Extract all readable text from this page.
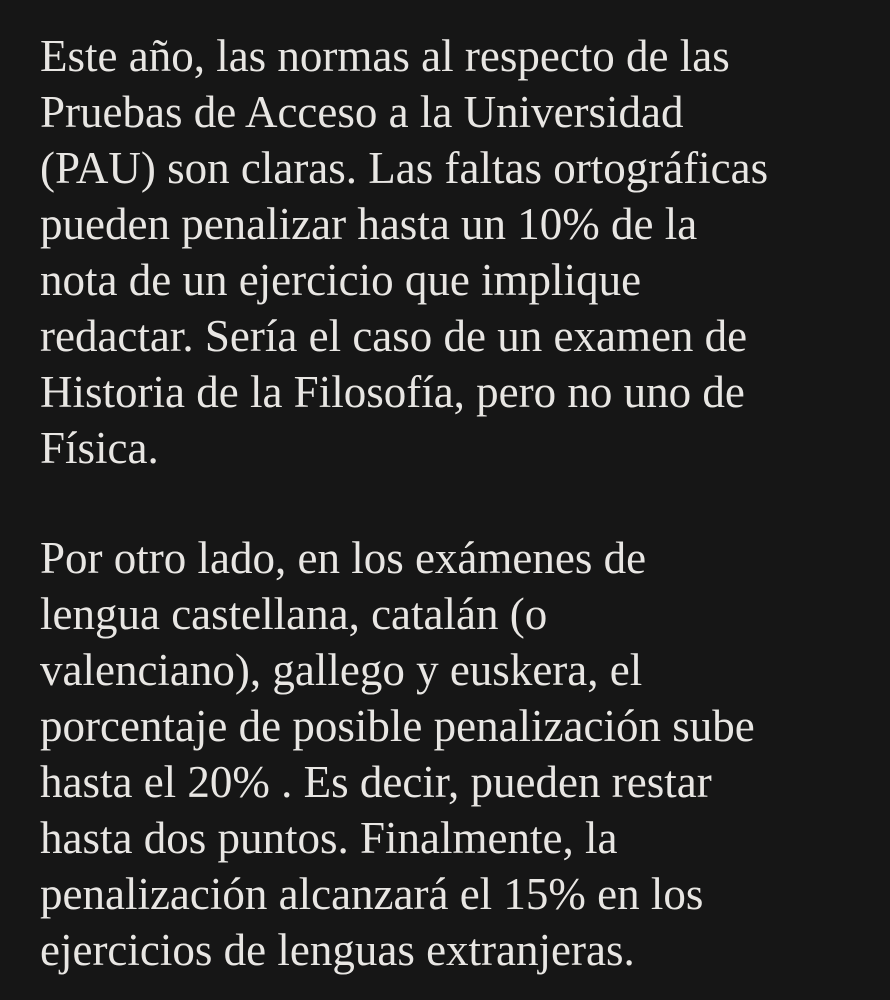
Este año, las normas al respecto de las
Pruebas de Acceso a la Universidad
(PAU) son claras. Las faltas ortográficas
pueden penalizar hasta un 10% de la
nota de un ejercicio que implique
redactar. Sería el caso de un examen de
Historia de la Filosofía, pero no uno de
Física.
Por otro lado, en los exámenes de
lengua castellana, catalán (o
valenciano), gallego y euskera, el
porcentaje de posible penalización sube
hasta el 20% . Es decir, pueden restar
hasta dos puntos. Finalmente, la
penalización alcanzará el 15% en los
ejercicios de lenguas extranjeras.
